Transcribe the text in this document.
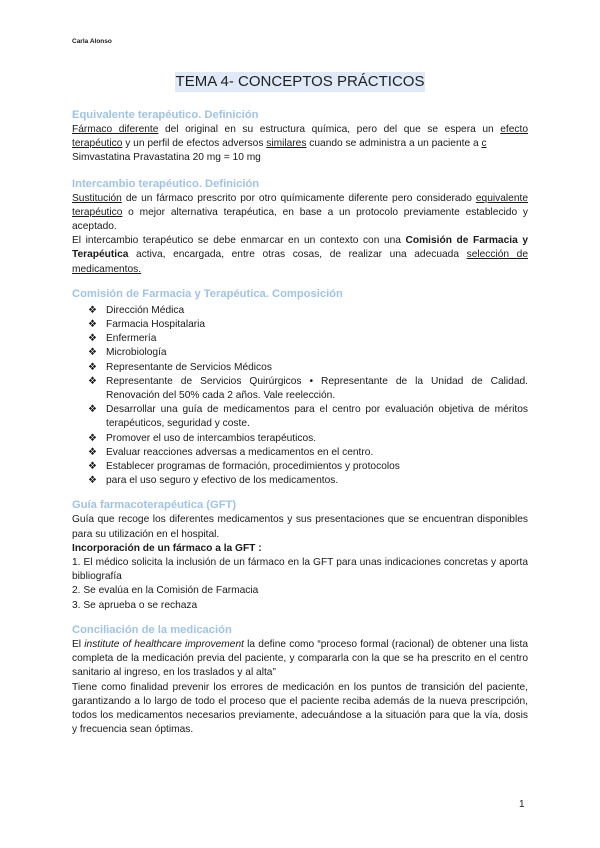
Carla Alonso
TEMA 4- CONCEPTOS PRÁCTICOS

Equivalente terapéutico. Definición

Fármaco diferente del original en su estructura química, pero del que se espera un efecto terapéutico y un perfil de efectos adversos similares cuando se administra a un paciente a c

Simvastatina Pravastatina 20 mg = 10 mg

Intercambio terapéutico. Definición

Sustitución de un fármaco prescrito por otro químicamente diferente pero considerado equivalente terapéutico o mejor alternativa terapéutica, en base a un protocolo previamente establecido y aceptado.

El intercambio terapéutico se debe enmarcar en un contexto con una Comisión de Farmacia y Terapéutica activa, encargada, entre otras cosas, de realizar una adecuada selección de medicamentos.

Comisión de Farmacia y Terapéutica. Composición

❖ Dirección Médica
❖ Farmacia Hospitalaria
❖ Enfermería
❖ Microbiología
❖ Representante de Servicios Médicos
❖ Representante de Servicios Quirúrgicos • Representante de la Unidad de Calidad. Renovación del 50% cada 2 años. Vale reelección.
❖ Desarrollar una guía de medicamentos para el centro por evaluación objetiva de méritos terapéuticos, seguridad y coste.
❖ Promover el uso de intercambios terapéuticos.
❖ Evaluar reacciones adversas a medicamentos en el centro.
❖ Establecer programas de formación, procedimientos y protocolos
❖ para el uso seguro y efectivo de los medicamentos.

Guía farmacoterapéutica (GFT)

Guía que recoge los diferentes medicamentos y sus presentaciones que se encuentran disponibles para su utilización en el hospital.

Incorporación de un fármaco a la GFT :

1. El médico solicita la inclusión de un fármaco en la GFT para unas indicaciones concretas y aporta bibliografía

2. Se evalúa en la Comisión de Farmacia

3. Se aprueba o se rechaza

Conciliación de la medicación

El institute of healthcare improvement la define como “proceso formal (racional) de obtener una lista completa de la medicación previa del paciente, y compararla con la que se ha prescrito en el centro sanitario al ingreso, en los traslados y al alta”

Tiene como finalidad prevenir los errores de medicación en los puntos de transición del paciente, garantizando a lo largo de todo el proceso que el paciente reciba además de la nueva prescripción, todos los medicamentos necesarios previamente, adecuándose a la situación para que la vía, dosis y frecuencia sean óptimas.

1
